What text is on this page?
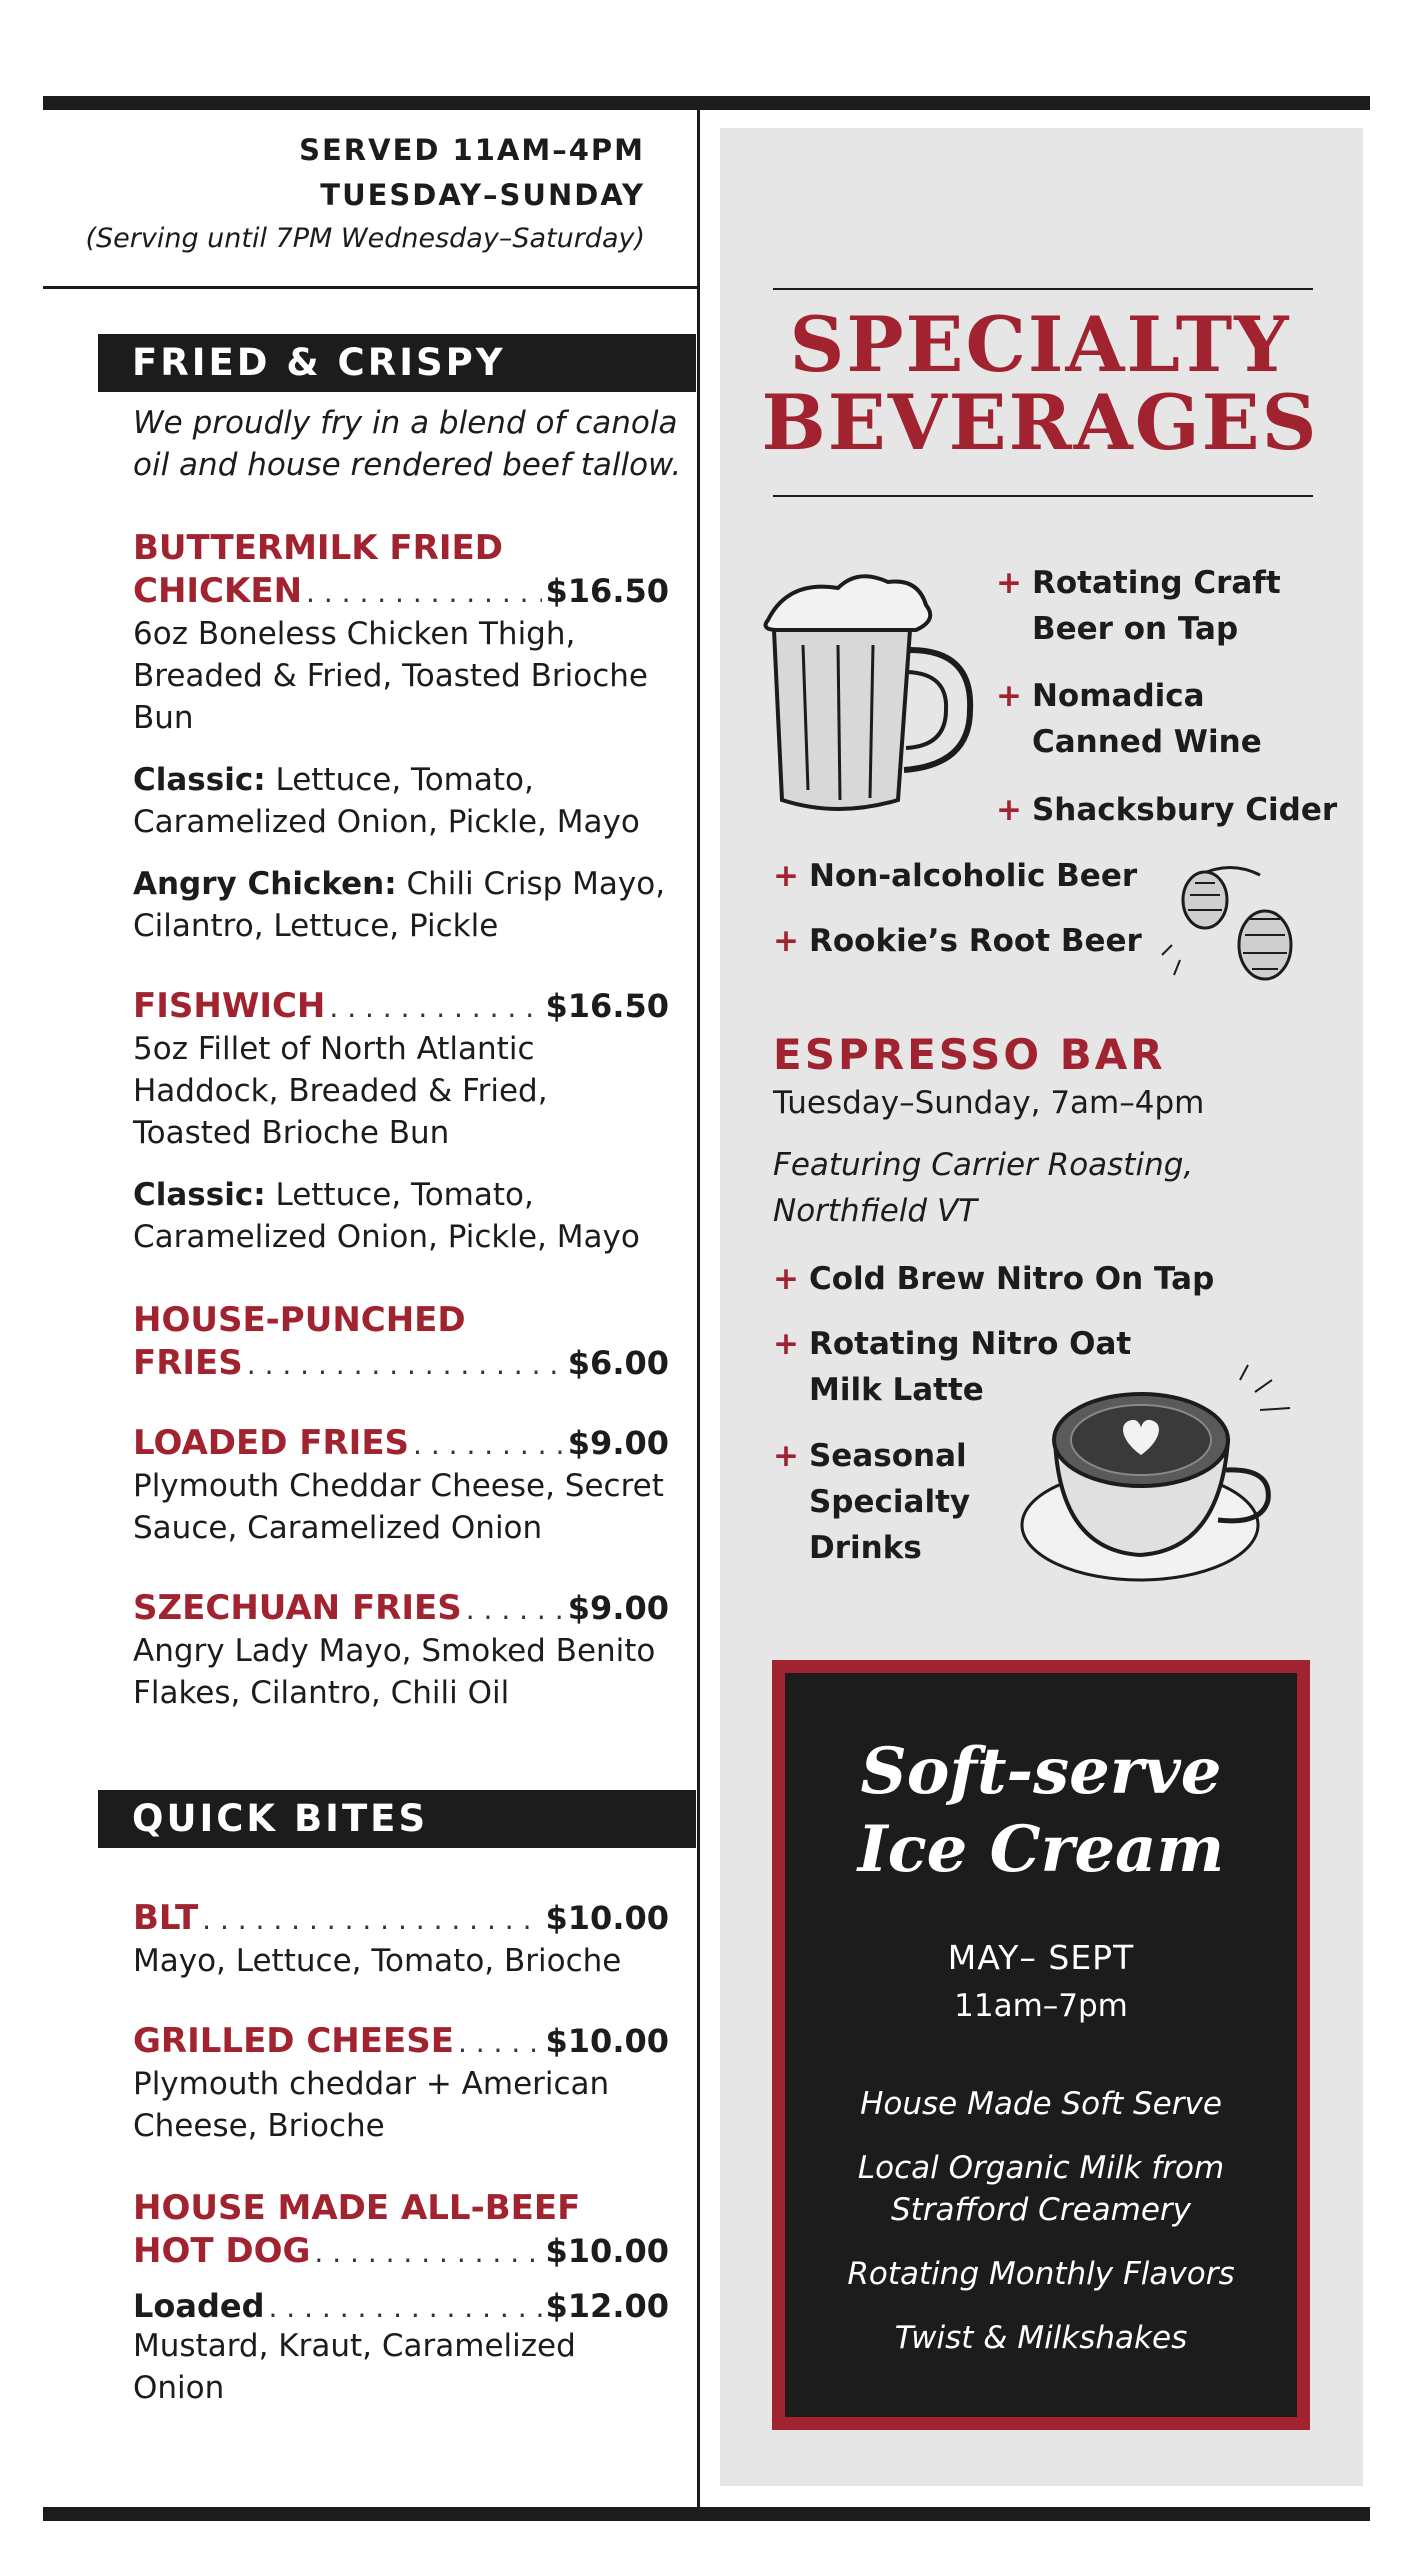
SERVED 11AM–4PM
TUESDAY–SUNDAY
(Serving until 7PM Wednesday–Saturday)
FRIED & CRISPY
We proudly fry in a blend of canola
oil and house rendered beef tallow.
BUTTERMILK FRIED
CHICKEN . . .	$16.50
6oz Boneless Chicken Thigh, Breaded & Fried, Toasted Brioche Bun
Classic: Lettuce, Tomato, Caramelized Onion, Pickle, Mayo
Angry Chicken: Chili Crisp Mayo, Cilantro, Lettuce, Pickle
FISHWICH . . .	$16.50
5oz Fillet of North Atlantic Haddock, Breaded & Fried, Toasted Brioche Bun
Classic: Lettuce, Tomato, Caramelized Onion, Pickle, Mayo
HOUSE-PUNCHED
FRIES . . .	$6.00
LOADED FRIES . . .	$9.00
Plymouth Cheddar Cheese, Secret Sauce, Caramelized Onion
SZECHUAN FRIES . . .	$9.00
Angry Lady Mayo, Smoked Benito Flakes, Cilantro, Chili Oil
QUICK BITES
BLT . . .	$10.00
Mayo, Lettuce, Tomato, Brioche
GRILLED CHEESE . . .	$10.00
Plymouth cheddar + American Cheese, Brioche
HOUSE MADE ALL-BEEF
HOT DOG . . .	$10.00
Loaded . . .	$12.00
Mustard, Kraut, Caramelized Onion
SPECIALTY
BEVERAGES
+ Rotating Craft
Beer on Tap
+ Nomadica
Canned Wine
+ Shacksbury Cider
+ Non-alcoholic Beer
+ Rookie’s Root Beer
ESPRESSO BAR
Tuesday–Sunday, 7am–4pm
Featuring Carrier Roasting,
Northfield VT
+ Cold Brew Nitro On Tap
+ Rotating Nitro Oat
Milk Latte
+ Seasonal
Specialty
Drinks
Soft-serve
Ice Cream
MAY– SEPT
11am–7pm
House Made Soft Serve
Local Organic Milk from
Strafford Creamery
Rotating Monthly Flavors
Twist & Milkshakes
